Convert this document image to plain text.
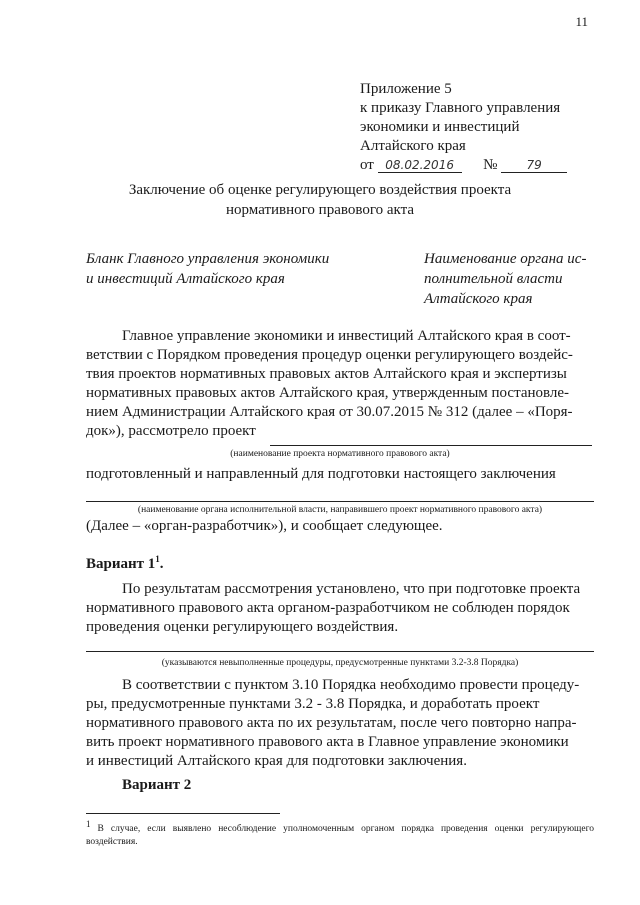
11
Приложение 5
к приказу Главного управления
экономики и инвестиций
Алтайского края
от 08.02.2016 № 79
Заключение об оценке регулирующего воздействия проекта
нормативного правового акта
Бланк Главного управления экономики
и инвестиций Алтайского края
Наименование органа ис-
полнительной власти
Алтайского края
Главное управление экономики и инвестиций Алтайского края в соот-
ветствии с Порядком проведения процедур оценки регулирующего воздейс-
твия проектов нормативных правовых актов Алтайского края и экспертизы
нормативных правовых актов Алтайского края, утвержденным постановле-
нием Администрации Алтайского края от 30.07.2015 № 312 (далее – «Поря-
док»), рассмотрело проект
(наименование проекта нормативного правового акта)
подготовленный и направленный для подготовки настоящего заключения
(наименование органа исполнительной власти, направившего проект нормативного правового акта)
(Далее – «орган-разработчик»), и сообщает следующее.
Вариант $1^1$.
По результатам рассмотрения установлено, что при подготовке проекта
нормативного правового акта органом-разработчиком не соблюден порядок
проведения оценки регулирующего воздействия.
(указываются невыполненные процедуры, предусмотренные пунктами 3.2-3.8 Порядка)
В соответствии с пунктом 3.10 Порядка необходимо провести процеду-
ры, предусмотренные пунктами 3.2 - 3.8 Порядка, и доработать проект
нормативного правового акта по их результатам, после чего повторно напра-
вить проект нормативного правового акта в Главное управление экономики
и инвестиций Алтайского края для подготовки заключения.
Вариант 2
$^1$ В случае, если выявлено несоблюдение уполномоченным органом порядка проведения оценки регулирующего воздействия.
